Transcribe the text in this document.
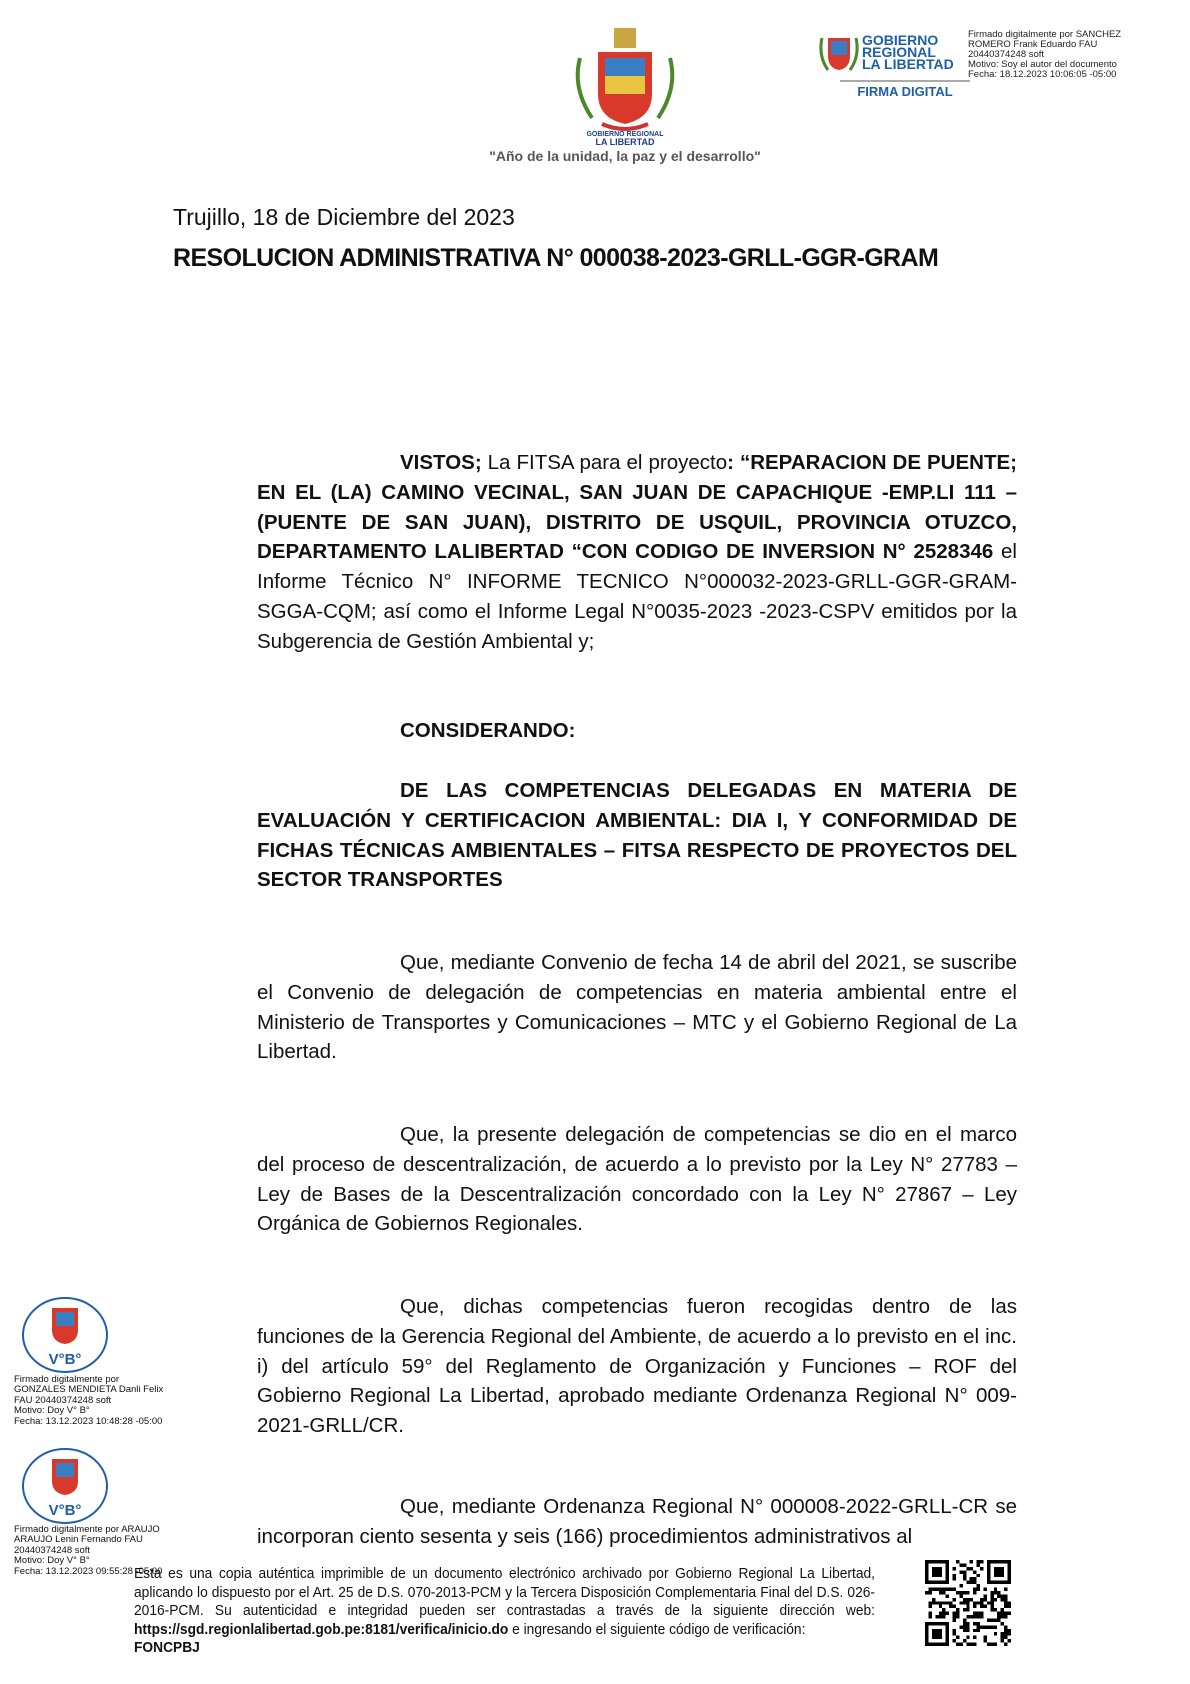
GOBIERNO REGIONAL
LA LIBERTAD
"Año de la unidad, la paz y el desarrollo"
GOBIERNO
REGIONAL
LA LIBERTAD
FIRMA DIGITAL
Firmado digitalmente por SANCHEZ
ROMERO Frank Eduardo FAU
20440374248 soft
Motivo: Soy el autor del documento
Fecha: 18.12.2023 10:06:05 -05:00
Trujillo, 18 de Diciembre del 2023
RESOLUCION ADMINISTRATIVA N° 000038-2023-GRLL-GGR-GRAM
VISTOS; La FITSA para el proyecto: “REPARACION DE PUENTE; EN EL (LA) CAMINO VECINAL, SAN JUAN DE CAPACHIQUE -EMP.LI 111 – (PUENTE DE SAN JUAN), DISTRITO DE USQUIL, PROVINCIA OTUZCO, DEPARTAMENTO LALIBERTAD “CON CODIGO DE INVERSION N° 2528346 el Informe Técnico N° INFORME TECNICO N°000032-2023-GRLL-GGR-GRAM-SGGA-CQM; así como el Informe Legal N°0035-2023 -2023-CSPV emitidos por la Subgerencia de Gestión Ambiental y;
CONSIDERANDO:
DE LAS COMPETENCIAS DELEGADAS EN MATERIA DE EVALUACIÓN Y CERTIFICACION AMBIENTAL: DIA I, Y CONFORMIDAD DE FICHAS TÉCNICAS AMBIENTALES – FITSA RESPECTO DE PROYECTOS DEL SECTOR TRANSPORTES
Que, mediante Convenio de fecha 14 de abril del 2021, se suscribe el Convenio de delegación de competencias en materia ambiental entre el Ministerio de Transportes y Comunicaciones – MTC y el Gobierno Regional de La Libertad.
Que, la presente delegación de competencias se dio en el marco del proceso de descentralización, de acuerdo a lo previsto por la Ley N° 27783 – Ley de Bases de la Descentralización concordado con la Ley N° 27867 – Ley Orgánica de Gobiernos Regionales.
Que, dichas competencias fueron recogidas dentro de las funciones de la Gerencia Regional del Ambiente, de acuerdo a lo previsto en el inc. i) del artículo 59° del Reglamento de Organización y Funciones – ROF del Gobierno Regional La Libertad, aprobado mediante Ordenanza Regional N° 009-2021-GRLL/CR.
Que, mediante Ordenanza Regional N° 000008-2022-GRLL-CR se incorporan ciento sesenta y seis (166) procedimientos administrativos al
V°B°
Firmado digitalmente por
GONZALES MENDIETA Danli Felix
FAU 20440374248 soft
Motivo: Doy V° B°
Fecha: 13.12.2023 10:48:28 -05:00
V°B°
Firmado digitalmente por ARAUJO
ARAUJO Lenin Fernando FAU
20440374248 soft
Motivo: Doy V° B°
Fecha: 13.12.2023 09:55:28 -05:00
Esta es una copia auténtica imprimible de un documento electrónico archivado por Gobierno Regional La Libertad, aplicando lo dispuesto por el Art. 25 de D.S. 070-2013-PCM y la Tercera Disposición Complementaria Final del D.S. 026- 2016-PCM. Su autenticidad e integridad pueden ser contrastadas a través de la siguiente dirección web: https://sgd.regionlalibertad.gob.pe:8181/verifica/inicio.do e ingresando el siguiente código de verificación:
FONCPBJ
